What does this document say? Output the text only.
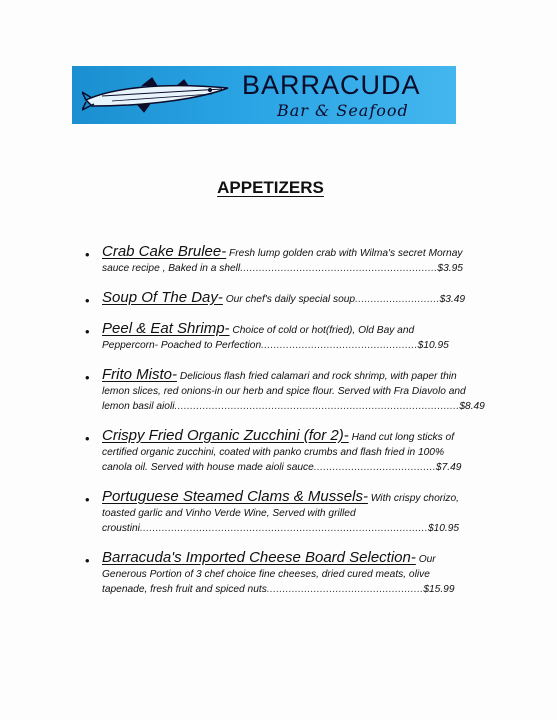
BARRACUDA
Bar & Seafood
APPETIZERS
• Crab Cake Brulee- Fresh lump golden crab with Wilma's secret Mornay
sauce recipe , Baked in a shell...............................................................$3.95
• Soup Of The Day- Our chef's daily special soup...........................$3.49
• Peel & Eat Shrimp- Choice of cold or hot(fried), Old Bay and
Peppercorn- Poached to Perfection..................................................$10.95
• Frito Misto- Delicious flash fried calamari and rock shrimp, with paper thin
lemon slices, red onions-in our herb and spice flour. Served with Fra Diavolo and
lemon basil aioli...........................................................................................$8.49
• Crispy Fried Organic Zucchini (for 2)- Hand cut long sticks of
certified organic zucchini, coated with panko crumbs and flash fried in 100%
canola oil. Served with house made aioli sauce.......................................$7.49
• Portuguese Steamed Clams & Mussels- With crispy chorizo,
toasted garlic and Vinho Verde Wine, Served with grilled
croustini............................................................................................$10.95
• Barracuda's Imported Cheese Board Selection- Our
Generous Portion of 3 chef choice fine cheeses, dried cured meats, olive
tapenade, fresh fruit and spiced nuts..................................................$15.99
